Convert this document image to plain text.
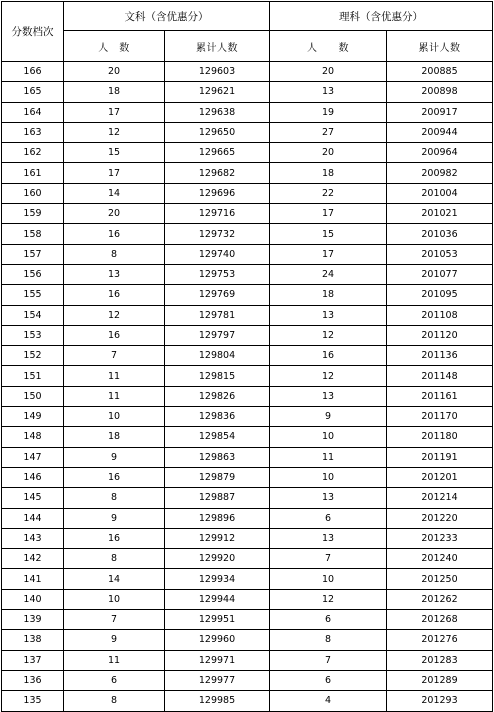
分数档次	文科（含优惠分）		理科（含优惠分）	
	人　数	累计人数	人　　数	累计人数
166	20	129603	20	200885
165	18	129621	13	200898
164	17	129638	19	200917
163	12	129650	27	200944
162	15	129665	20	200964
161	17	129682	18	200982
160	14	129696	22	201004
159	20	129716	17	201021
158	16	129732	15	201036
157	8	129740	17	201053
156	13	129753	24	201077
155	16	129769	18	201095
154	12	129781	13	201108
153	16	129797	12	201120
152	7	129804	16	201136
151	11	129815	12	201148
150	11	129826	13	201161
149	10	129836	9	201170
148	18	129854	10	201180
147	9	129863	11	201191
146	16	129879	10	201201
145	8	129887	13	201214
144	9	129896	6	201220
143	16	129912	13	201233
142	8	129920	7	201240
141	14	129934	10	201250
140	10	129944	12	201262
139	7	129951	6	201268
138	9	129960	8	201276
137	11	129971	7	201283
136	6	129977	6	201289
135	8	129985	4	201293
